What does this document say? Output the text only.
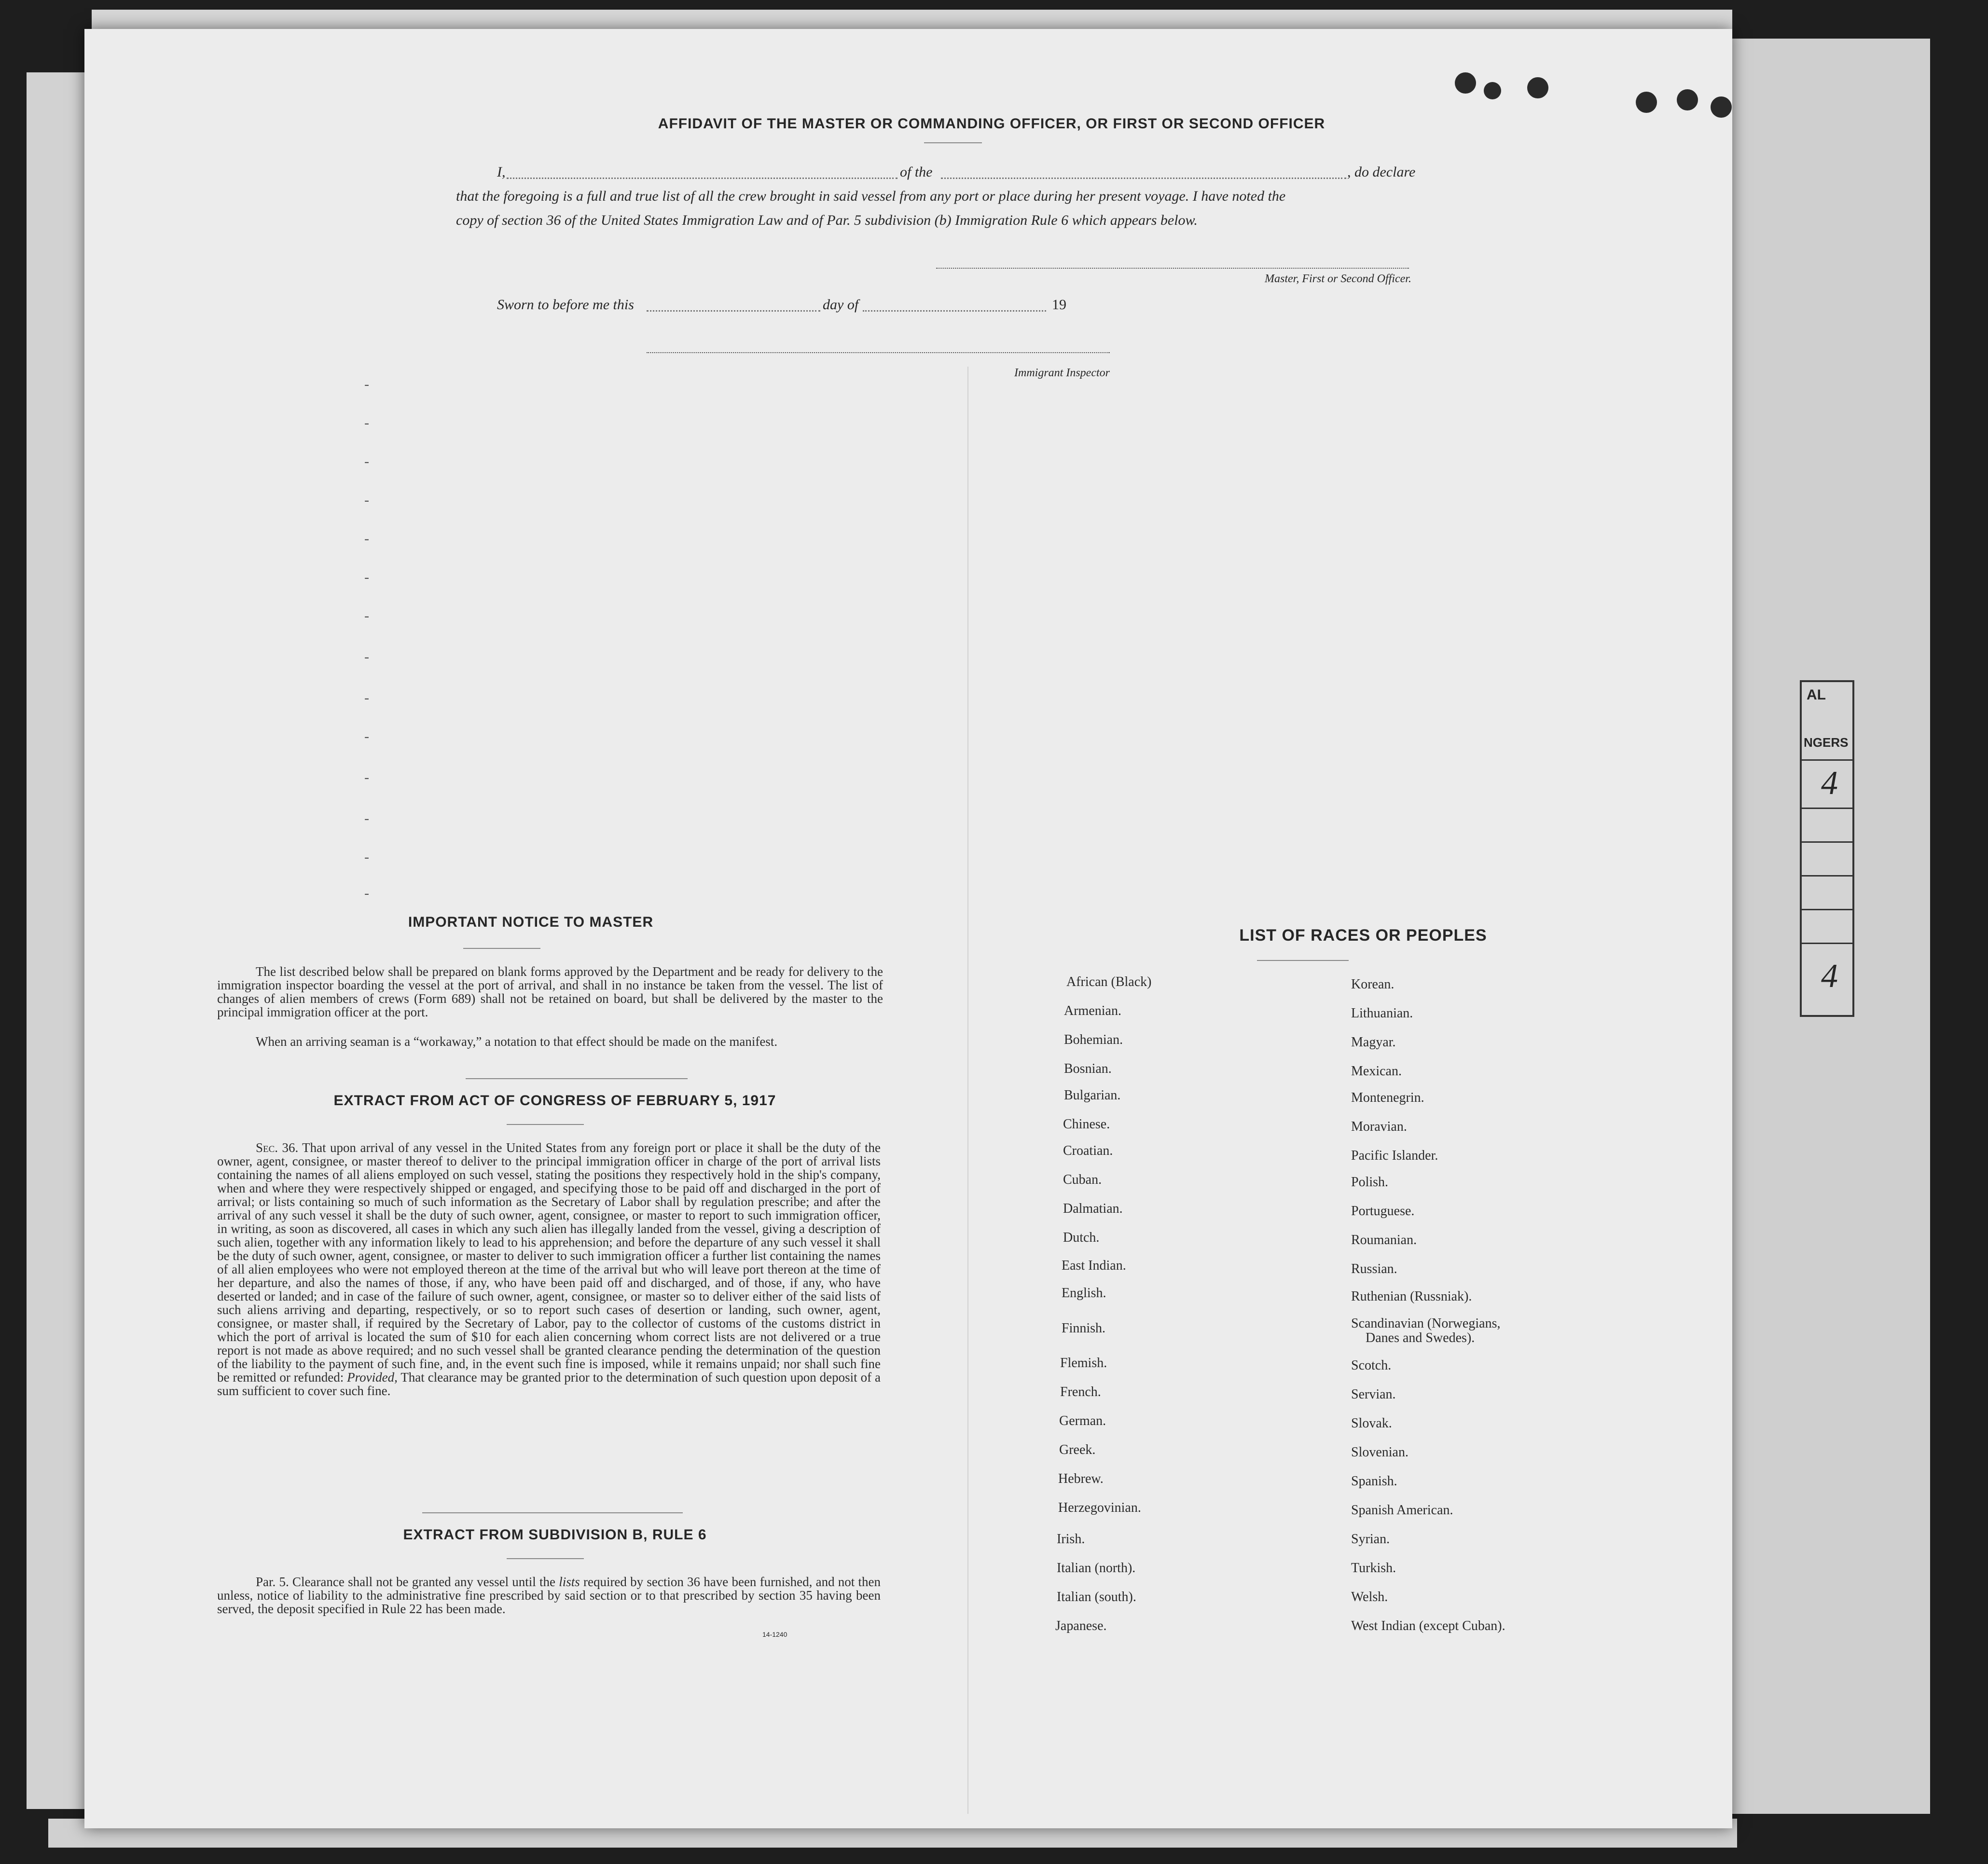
AL
NGERS
4
4
AFFIDAVIT OF THE MASTER OR COMMANDING OFFICER, OR FIRST OR SECOND OFFICER
I,	of the	, do declare
that the foregoing is a full and true list of all the crew brought in said vessel from any port or place during her present voyage. I have noted the
copy of section 36 of the United States Immigration Law and of Par. 5 subdivision (b) Immigration Rule 6 which appears below.
Master, First or Second Officer.
Sworn to before me this	day of	19
Immigrant Inspector
-
-
-
-
-
-
-
-
-
-
-
-
-
-
IMPORTANT NOTICE TO MASTER
The list described below shall be prepared on blank forms approved by the Department and be ready for delivery to the immigration inspector boarding the vessel at the port of arrival, and shall in no instance be taken from the vessel. The list of changes of alien members of crews (Form 689) shall not be retained on board, but shall be delivered by the master to the principal immigration officer at the port.
When an arriving seaman is a “workaway,” a notation to that effect should be made on the manifest.
EXTRACT FROM ACT OF CONGRESS OF FEBRUARY 5, 1917
Sec. 36. That upon arrival of any vessel in the United States from any foreign port or place it shall be the duty of the owner, agent, consignee, or master thereof to deliver to the principal immigration officer in charge of the port of arrival lists containing the names of all aliens employed on such vessel, stating the positions they respectively hold in the ship's company, when and where they were respectively shipped or engaged, and specifying those to be paid off and discharged in the port of arrival; or lists containing so much of such information as the Secretary of Labor shall by regulation prescribe; and after the arrival of any such vessel it shall be the duty of such owner, agent, consignee, or master to report to such immigration officer, in writing, as soon as discovered, all cases in which any such alien has illegally landed from the vessel, giving a description of such alien, together with any information likely to lead to his apprehension; and before the departure of any such vessel it shall be the duty of such owner, agent, consignee, or master to deliver to such immigration officer a further list containing the names of all alien employees who were not employed thereon at the time of the arrival but who will leave port thereon at the time of her departure, and also the names of those, if any, who have been paid off and discharged, and of those, if any, who have deserted or landed; and in case of the failure of such owner, agent, consignee, or master so to deliver either of the said lists of such aliens arriving and departing, respectively, or so to report such cases of desertion or landing, such owner, agent, consignee, or master shall, if required by the Secretary of Labor, pay to the collector of customs of the customs district in which the port of arrival is located the sum of $10 for each alien concerning whom correct lists are not delivered or a true report is not made as above required; and no such vessel shall be granted clearance pending the determination of the question of the liability to the payment of such fine, and, in the event such fine is imposed, while it remains unpaid; nor shall such fine be remitted or refunded: Provided, That clearance may be granted prior to the determination of such question upon deposit of a sum sufficient to cover such fine.
EXTRACT FROM SUBDIVISION B, RULE 6
Par. 5. Clearance shall not be granted any vessel until the lists required by section 36 have been furnished, and not then unless, notice of liability to the administrative fine prescribed by said section or to that prescribed by section 35 having been served, the deposit specified in Rule 22 has been made.
14-1240
LIST OF RACES OR PEOPLES
African (Black)
Armenian.
Bohemian.
Bosnian.
Bulgarian.
Chinese.
Croatian.
Cuban.
Dalmatian.
Dutch.
East Indian.
English.
Finnish.
Flemish.
French.
German.
Greek.
Hebrew.
Herzegovinian.
Irish.
Italian (north).
Italian (south).
Japanese.
Korean.
Lithuanian.
Magyar.
Mexican.
Montenegrin.
Moravian.
Pacific Islander.
Polish.
Portuguese.
Roumanian.
Russian.
Ruthenian (Russniak).
Scandinavian (Norwegians,
Danes and Swedes).
Scotch.
Servian.
Slovak.
Slovenian.
Spanish.
Spanish American.
Syrian.
Turkish.
Welsh.
West Indian (except Cuban).
